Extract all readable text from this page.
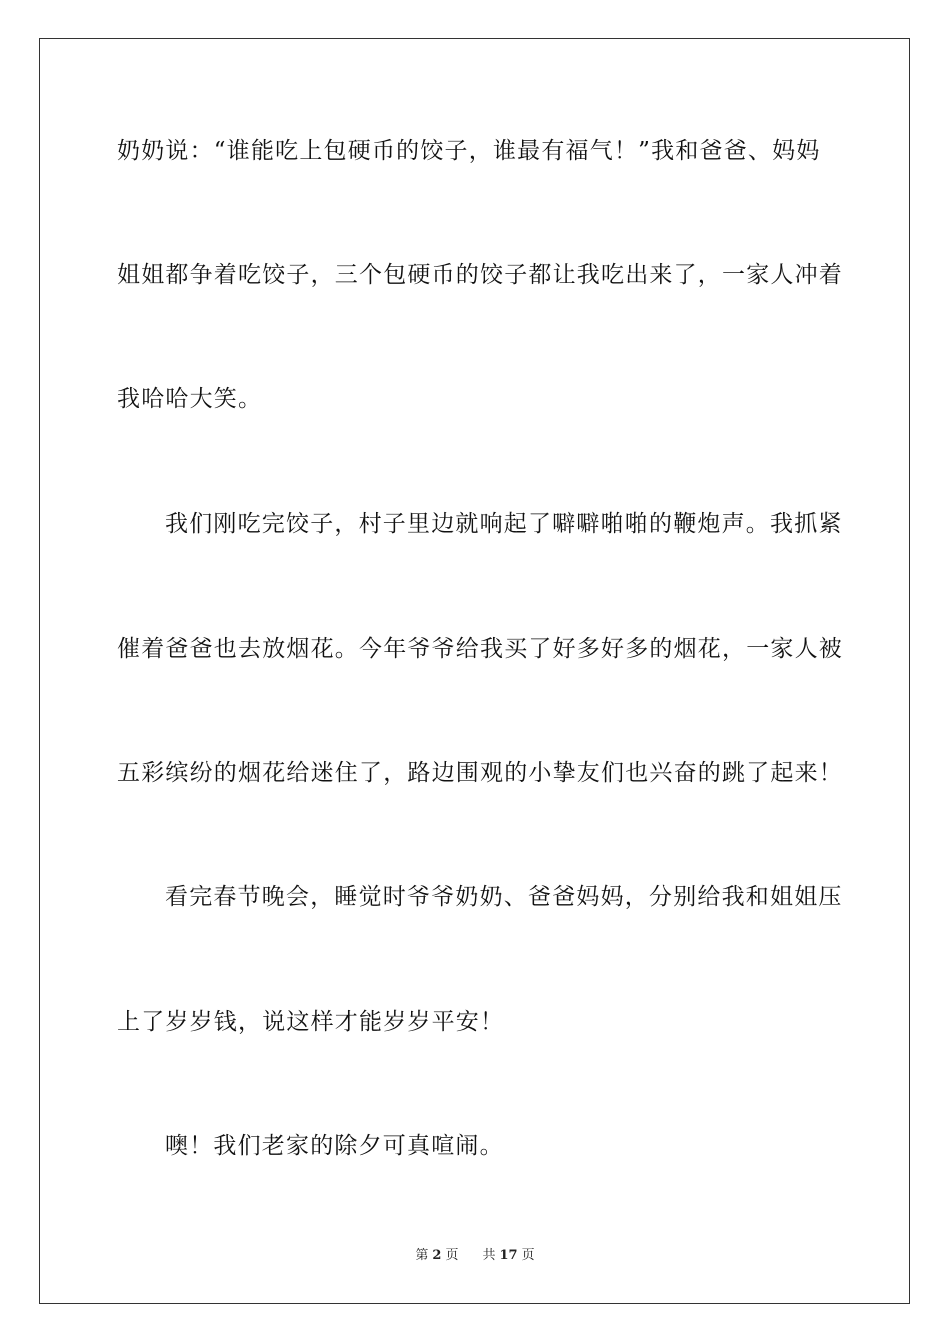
奶奶说：“谁能吃上包硬币的饺子，谁最有福气！”我和爸爸、妈妈
姐姐都争着吃饺子，三个包硬币的饺子都让我吃出来了，一家人冲着
我哈哈大笑。
我们刚吃完饺子，村子里边就响起了噼噼啪啪的鞭炮声。我抓紧
催着爸爸也去放烟花。今年爷爷给我买了好多好多的烟花，一家人被
五彩缤纷的烟花给迷住了，路边围观的小挚友们也兴奋的跳了起来！
看完春节晚会，睡觉时爷爷奶奶、爸爸妈妈，分别给我和姐姐压
上了岁岁钱，说这样才能岁岁平安！
噢！我们老家的除夕可真喧闹。
第 2 页 共 17 页
